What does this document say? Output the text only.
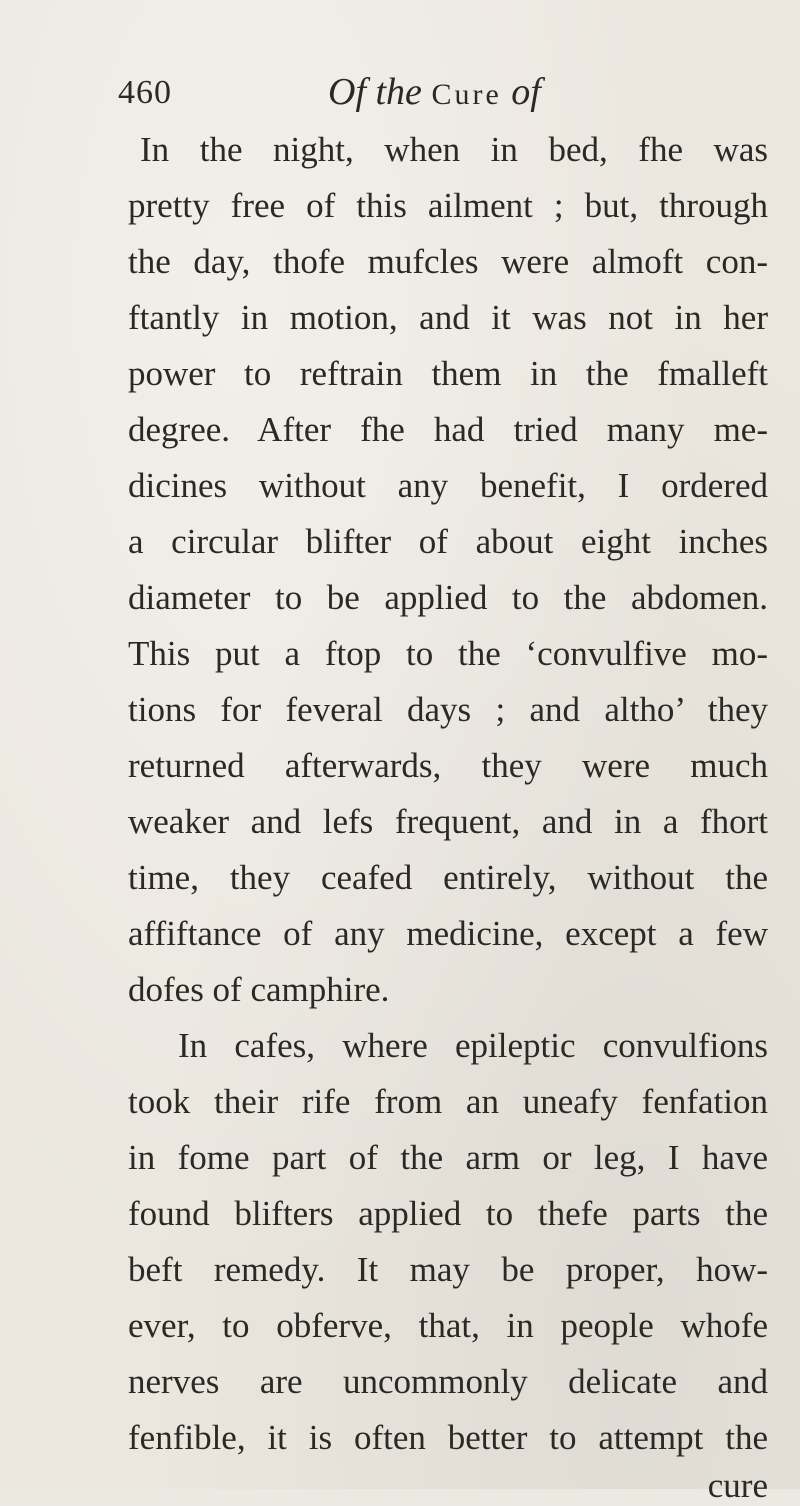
460	Of the Cure of
In the night, when in bed, fhe was
pretty free of this ailment ; but, through
the day, thofe mufcles were almoft con-
ftantly in motion, and it was not in her
power to reftrain them in the fmalleft
degree. After fhe had tried many me-
dicines without any benefit, I ordered
a circular blifter of about eight inches
diameter to be applied to the abdomen.
This put a ftop to the ‘convulfive mo-
tions for feveral days ; and altho’ they
returned afterwards, they were much
weaker and lefs frequent, and in a fhort
time, they ceafed entirely, without the
affiftance of any medicine, except a few
dofes of camphire.
In cafes, where epileptic convulfions
took their rife from an uneafy fenfation
in fome part of the arm or leg, I have
found blifters applied to thefe parts the
beft remedy. It may be proper, how-
ever, to obferve, that, in people whofe
nerves are uncommonly delicate and
fenfible, it is often better to attempt the
cure
